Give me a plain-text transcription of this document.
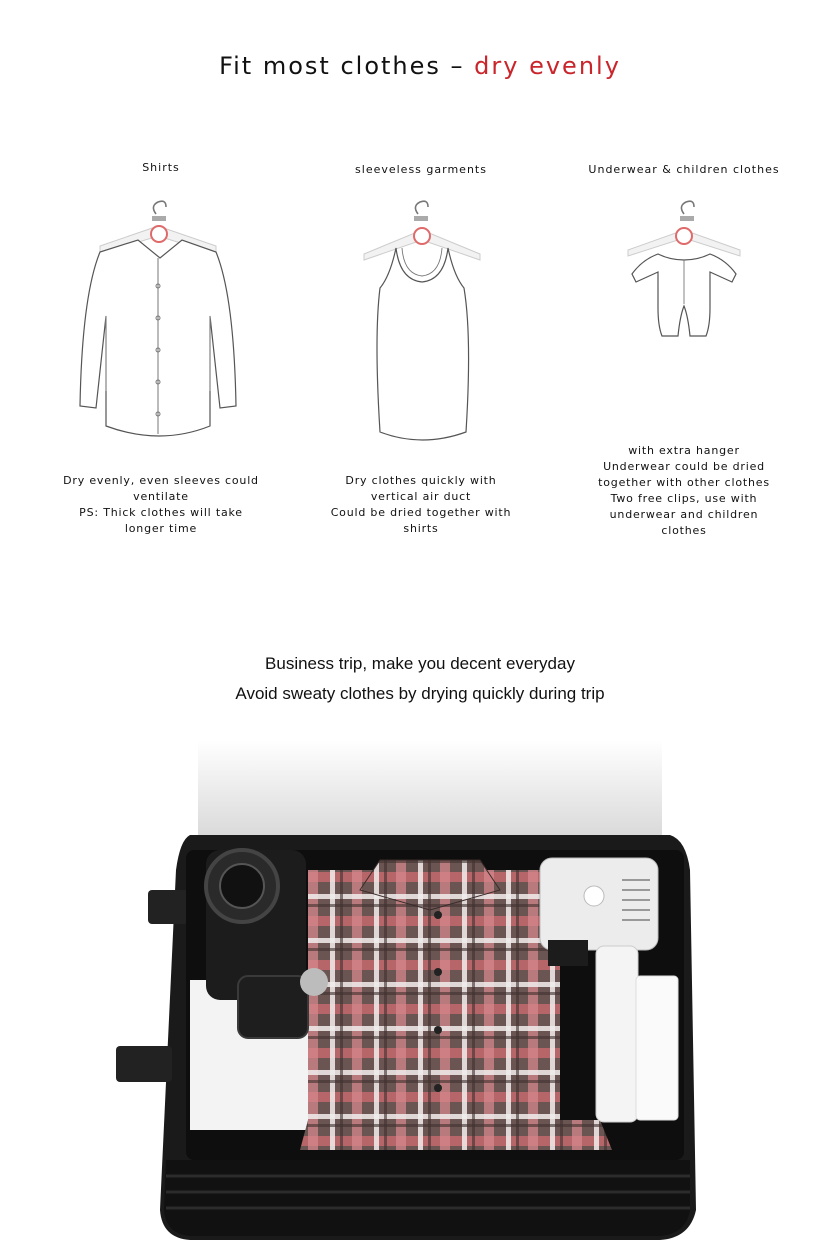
Fit most clothes – dry evenly
Shirts
Dry evenly, even sleeves could
ventilate
PS: Thick clothes will take
longer time
sleeveless garments
Dry clothes quickly with
vertical air duct
Could be dried together with
shirts
Underwear & children clothes
with extra hanger
Underwear could be dried
together with other clothes
Two free clips, use with
underwear and children
clothes
Business trip, make you decent everyday
Avoid sweaty clothes by drying quickly during trip
